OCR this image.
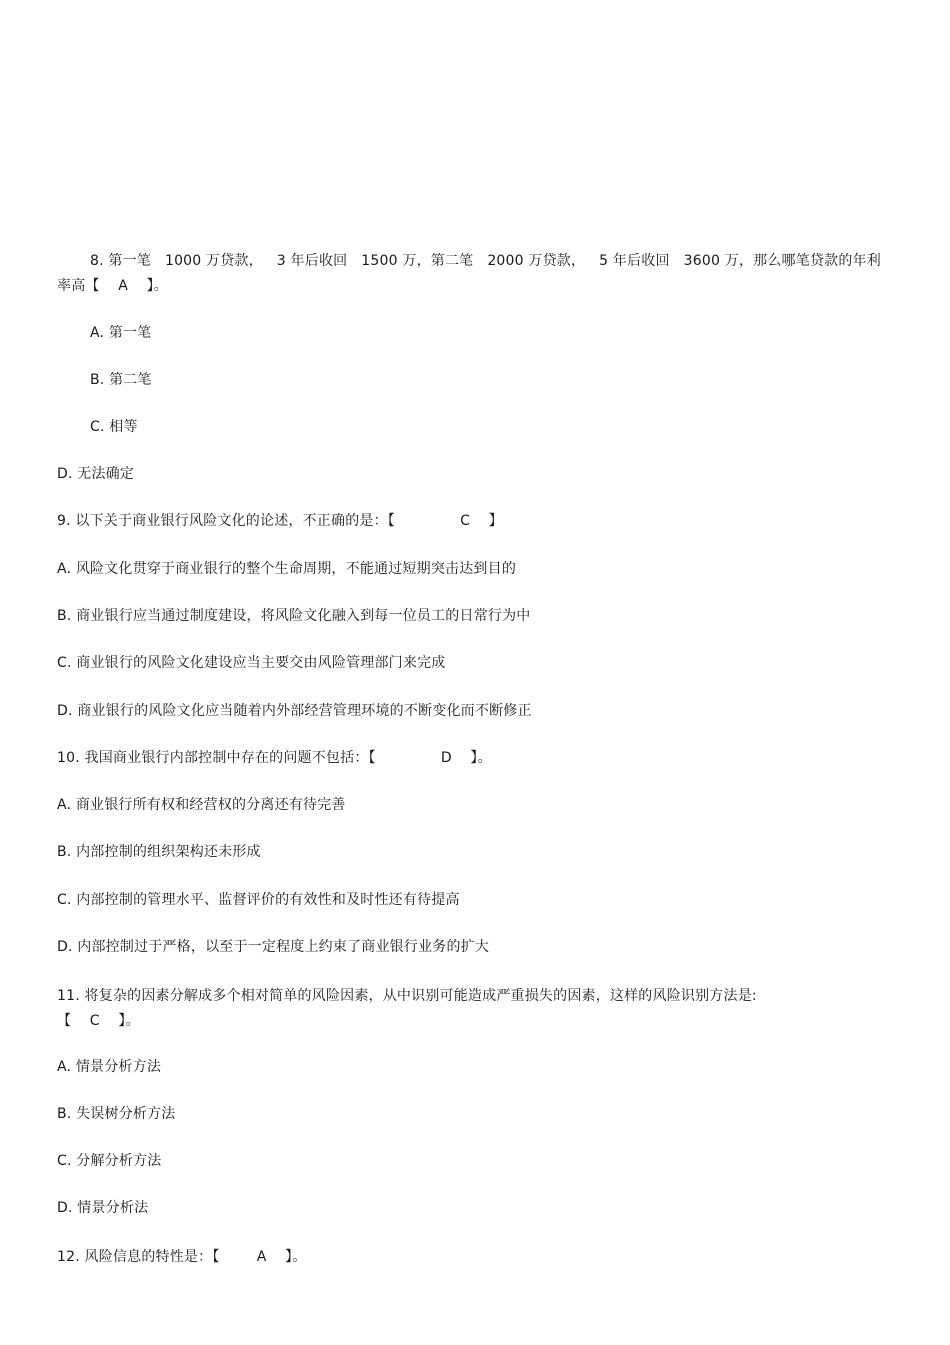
8. 第一笔   1000 万贷款，   3 年后收回   1500 万，第二笔   2000 万贷款，   5 年后收回   3600 万，那么哪笔贷款的年利
率高【    A    】。
A. 第一笔
B. 第二笔
C. 相等
D. 无法确定
9. 以下关于商业银行风险文化的论述，不正确的是：【              C    】
A. 风险文化贯穿于商业银行的整个生命周期，不能通过短期突击达到目的
B. 商业银行应当通过制度建设，将风险文化融入到每一位员工的日常行为中
C. 商业银行的风险文化建设应当主要交由风险管理部门来完成
D. 商业银行的风险文化应当随着内外部经营管理环境的不断变化而不断修正
10. 我国商业银行内部控制中存在的问题不包括：【              D    】。
A. 商业银行所有权和经营权的分离还有待完善
B. 内部控制的组织架构还未形成
C. 内部控制的管理水平、监督评价的有效性和及时性还有待提高
D. 内部控制过于严格，以至于一定程度上约束了商业银行业务的扩大
11. 将复杂的因素分解成多个相对简单的风险因素，从中识别可能造成严重损失的因素，这样的风险识别方法是:
【    C    】。
A. 情景分析方法
B. 失误树分析方法
C. 分解分析方法
D. 情景分析法
12. 风险信息的特性是：【        A    】。
